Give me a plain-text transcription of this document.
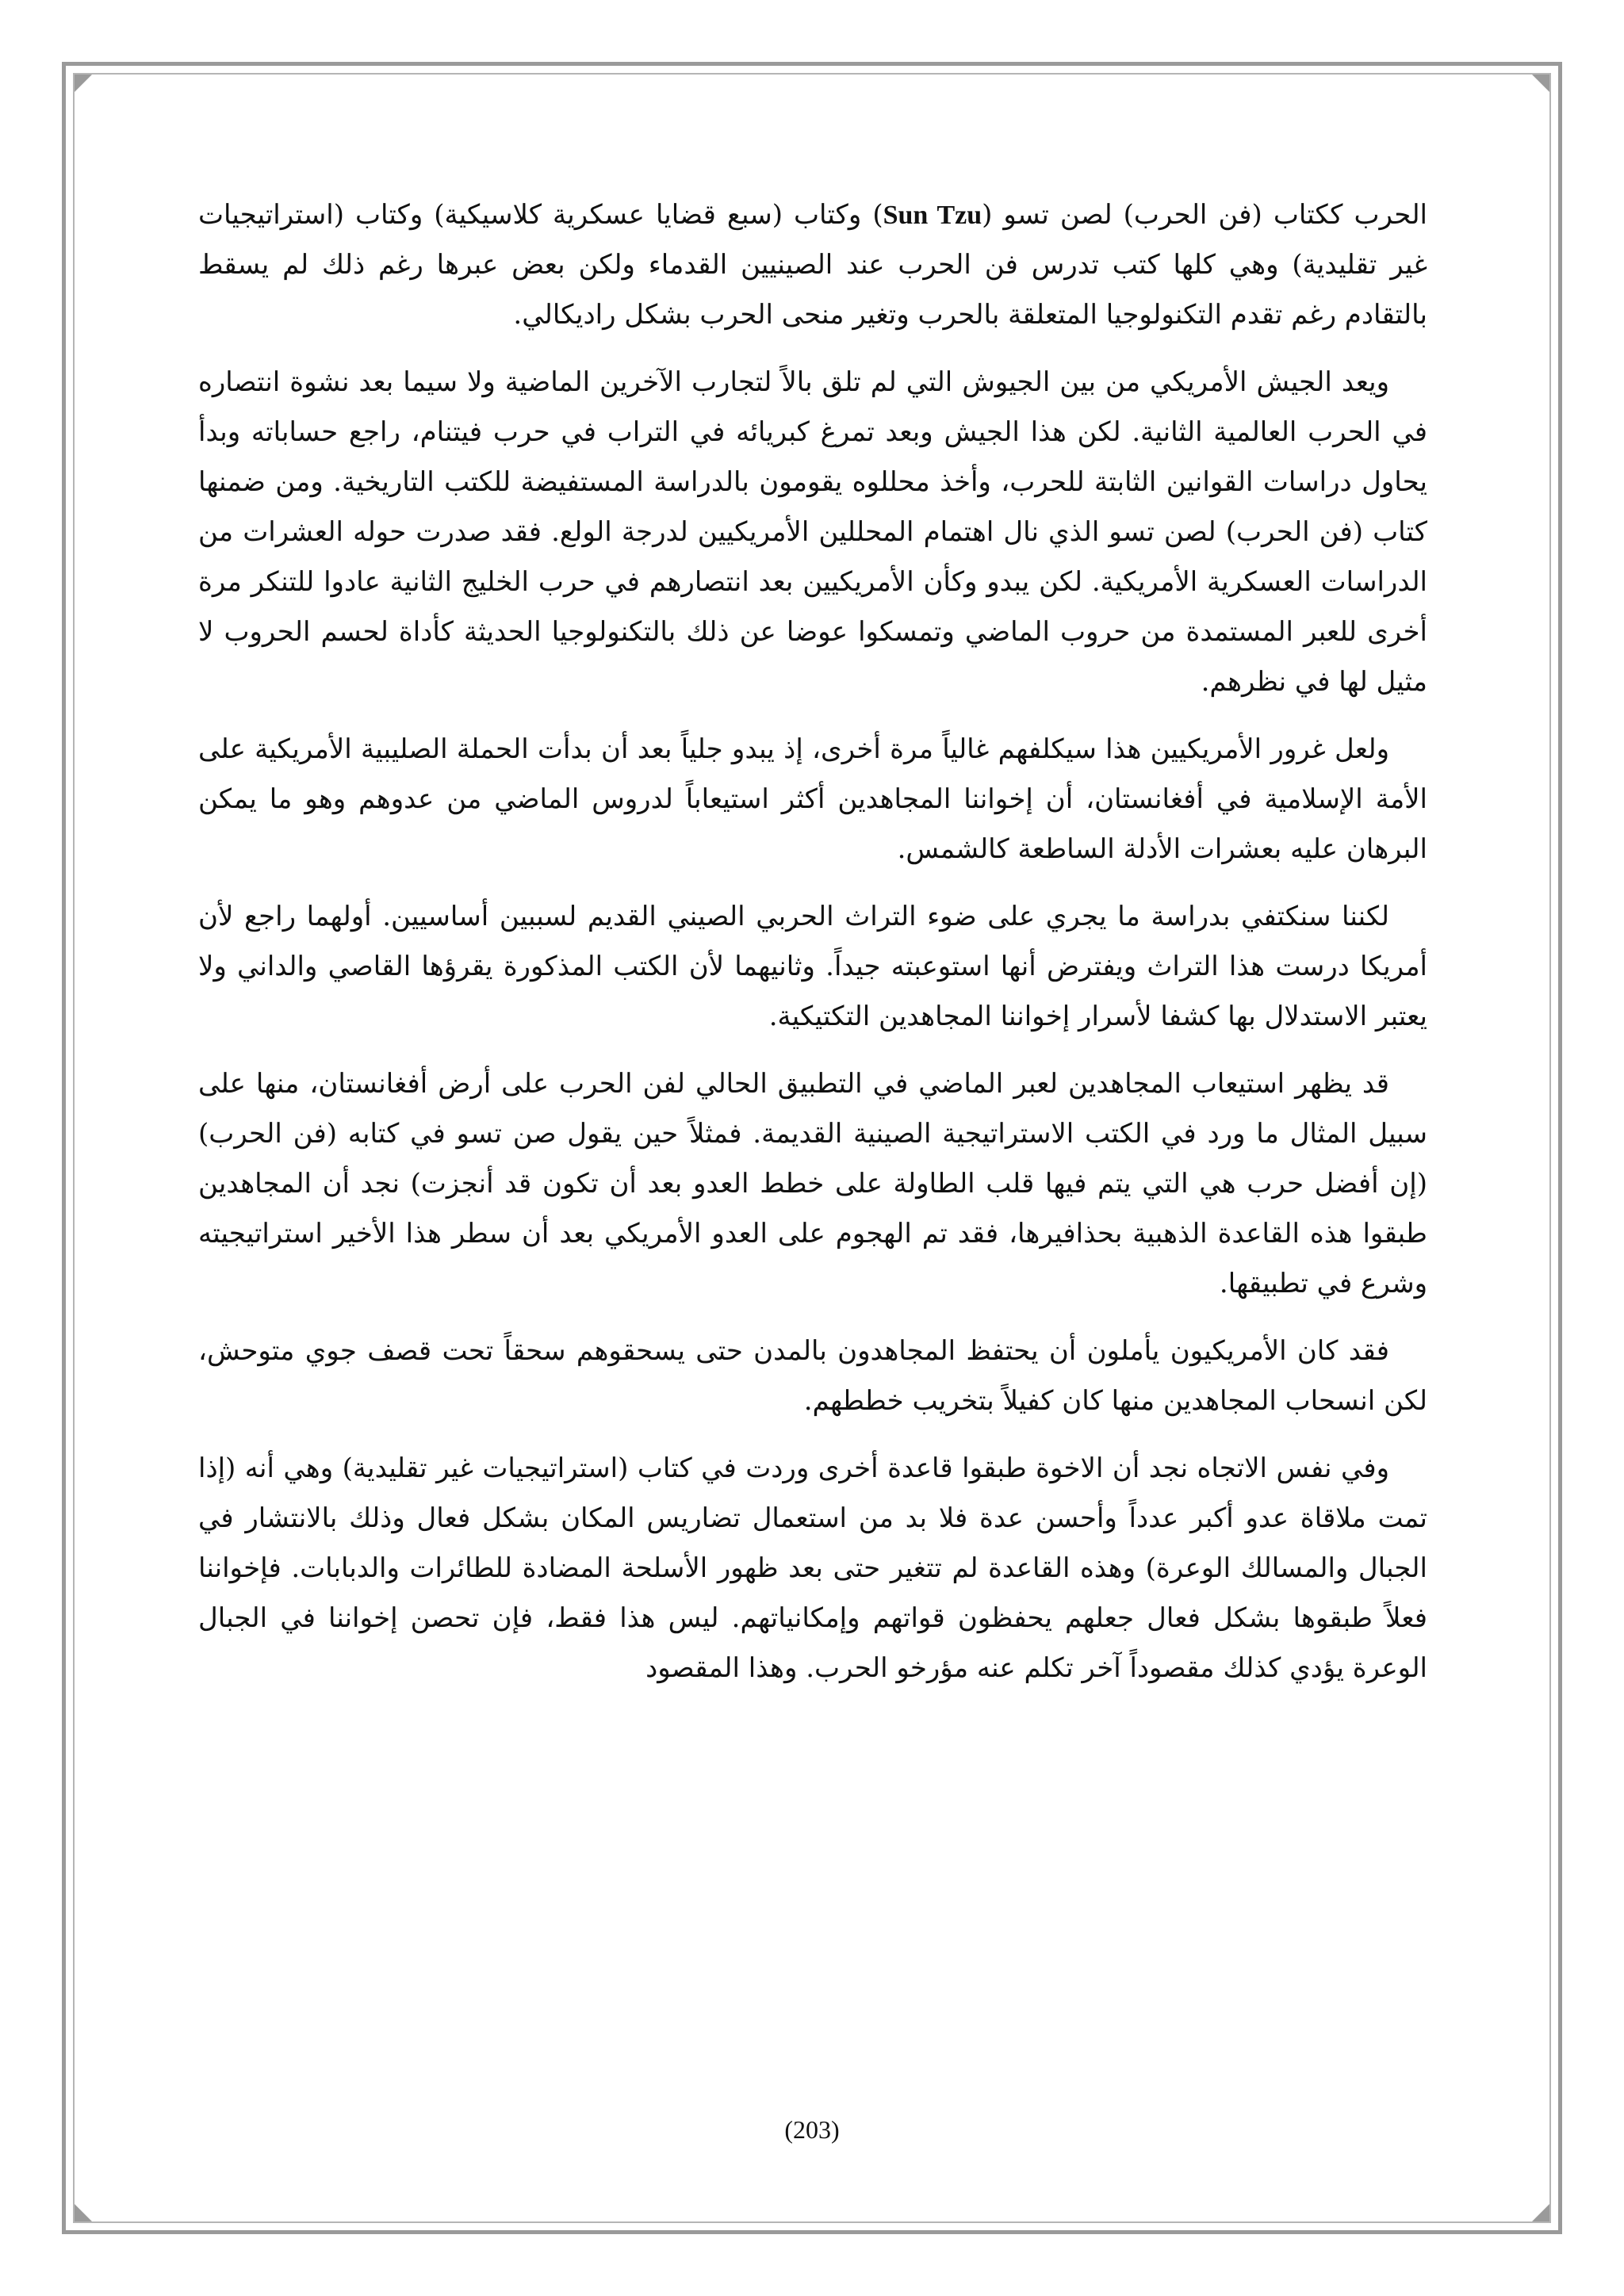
الحرب ككتاب (فن الحرب) لصن تسو (Sun Tzu) وكتاب (سبع قضايا عسكرية كلاسيكية) وكتاب (استراتيجيات غير تقليدية) وهي كلها كتب تدرس فن الحرب عند الصينيين القدماء ولكن بعض عبرها رغم ذلك لم يسقط بالتقادم رغم تقدم التكنولوجيا المتعلقة بالحرب وتغير منحى الحرب بشكل راديكالي.

ويعد الجيش الأمريكي من بين الجيوش التي لم تلق بالاً لتجارب الآخرين الماضية ولا سيما بعد نشوة انتصاره في الحرب العالمية الثانية. لكن هذا الجيش وبعد تمرغ كبريائه في التراب في حرب فيتنام، راجع حساباته وبدأ يحاول دراسات القوانين الثابتة للحرب، وأخذ محللوه يقومون بالدراسة المستفيضة للكتب التاريخية. ومن ضمنها كتاب (فن الحرب) لصن تسو الذي نال اهتمام المحللين الأمريكيين لدرجة الولع. فقد صدرت حوله العشرات من الدراسات العسكرية الأمريكية. لكن يبدو وكأن الأمريكيين بعد انتصارهم في حرب الخليج الثانية عادوا للتنكر مرة أخرى للعبر المستمدة من حروب الماضي وتمسكوا عوضا عن ذلك بالتكنولوجيا الحديثة كأداة لحسم الحروب لا مثيل لها في نظرهم.

ولعل غرور الأمريكيين هذا سيكلفهم غالياً مرة أخرى، إذ يبدو جلياً بعد أن بدأت الحملة الصليبية الأمريكية على الأمة الإسلامية في أفغانستان، أن إخواننا المجاهدين أكثر استيعاباً لدروس الماضي من عدوهم وهو ما يمكن البرهان عليه بعشرات الأدلة الساطعة كالشمس.

لكننا سنكتفي بدراسة ما يجري على ضوء التراث الحربي الصيني القديم لسببين أساسيين. أولهما راجع لأن أمريكا درست هذا التراث ويفترض أنها استوعبته جيداً. وثانيهما لأن الكتب المذكورة يقرؤها القاصي والداني ولا يعتبر الاستدلال بها كشفا لأسرار إخواننا المجاهدين التكتيكية.

قد يظهر استيعاب المجاهدين لعبر الماضي في التطبيق الحالي لفن الحرب على أرض أفغانستان، منها على سبيل المثال ما ورد في الكتب الاستراتيجية الصينية القديمة. فمثلاً حين يقول صن تسو في كتابه (فن الحرب) (إن أفضل حرب هي التي يتم فيها قلب الطاولة على خطط العدو بعد أن تكون قد أنجزت) نجد أن المجاهدين طبقوا هذه القاعدة الذهبية بحذافيرها، فقد تم الهجوم على العدو الأمريكي بعد أن سطر هذا الأخير استراتيجيته وشرع في تطبيقها.

فقد كان الأمريكيون يأملون أن يحتفظ المجاهدون بالمدن حتى يسحقوهم سحقاً تحت قصف جوي متوحش، لكن انسحاب المجاهدين منها كان كفيلاً بتخريب خططهم.

وفي نفس الاتجاه نجد أن الاخوة طبقوا قاعدة أخرى وردت في كتاب (استراتيجيات غير تقليدية) وهي أنه (إذا تمت ملاقاة عدو أكبر عدداً وأحسن عدة فلا بد من استعمال تضاريس المكان بشكل فعال وذلك بالانتشار في الجبال والمسالك الوعرة) وهذه القاعدة لم تتغير حتى بعد ظهور الأسلحة المضادة للطائرات والدبابات. فإخواننا فعلاً طبقوها بشكل فعال جعلهم يحفظون قواتهم وإمكانياتهم. ليس هذا فقط، فإن تحصن إخواننا في الجبال الوعرة يؤدي كذلك مقصوداً آخر تكلم عنه مؤرخو الحرب. وهذا المقصود

(203)
